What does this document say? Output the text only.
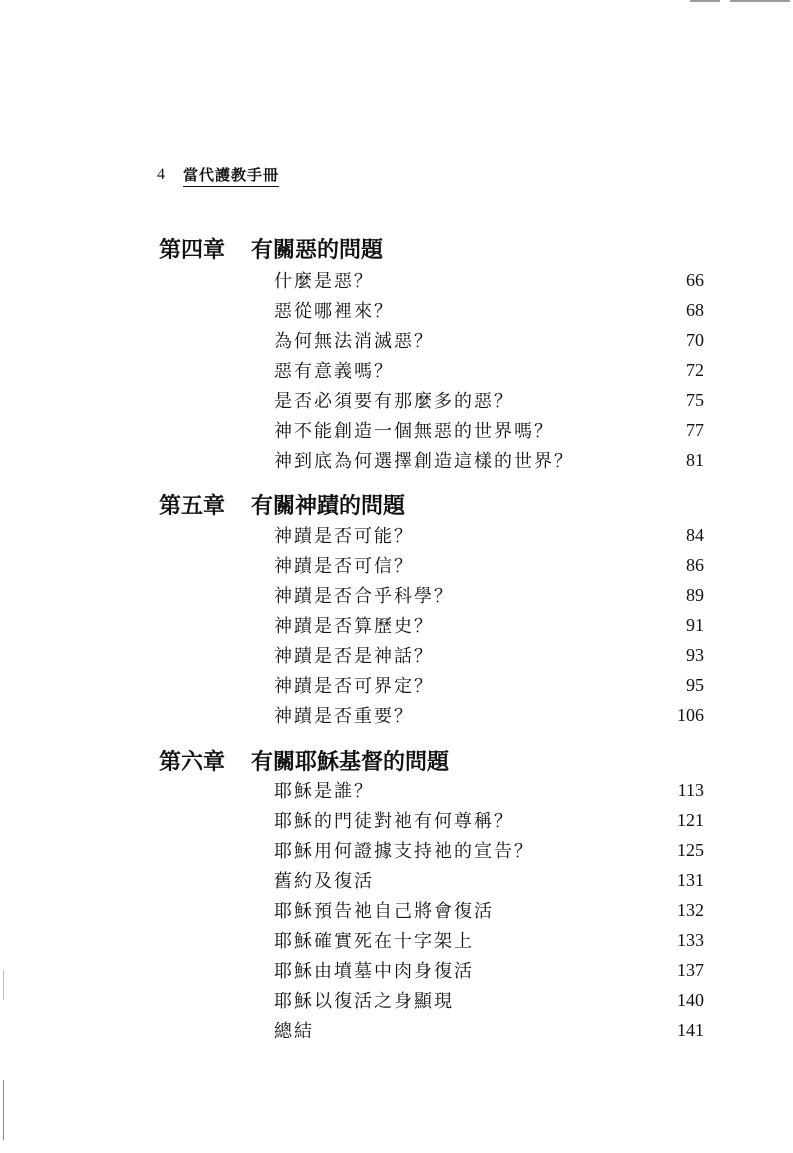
4	當代護教手冊
第四章	有關惡的問題
什麼是惡？	66
惡從哪裡來？	68
為何無法消滅惡？	70
惡有意義嗎？	72
是否必須要有那麼多的惡？	75
神不能創造一個無惡的世界嗎？	77
神到底為何選擇創造這樣的世界？	81
第五章	有關神蹟的問題
神蹟是否可能？	84
神蹟是否可信？	86
神蹟是否合乎科學？	89
神蹟是否算歷史？	91
神蹟是否是神話？	93
神蹟是否可界定？	95
神蹟是否重要？	106
第六章	有關耶穌基督的問題
耶穌是誰？	113
耶穌的門徒對祂有何尊稱？	121
耶穌用何證據支持祂的宣告？	125
舊約及復活	131
耶穌預告祂自己將會復活	132
耶穌確實死在十字架上	133
耶穌由墳墓中肉身復活	137
耶穌以復活之身顯現	140
總結	141
